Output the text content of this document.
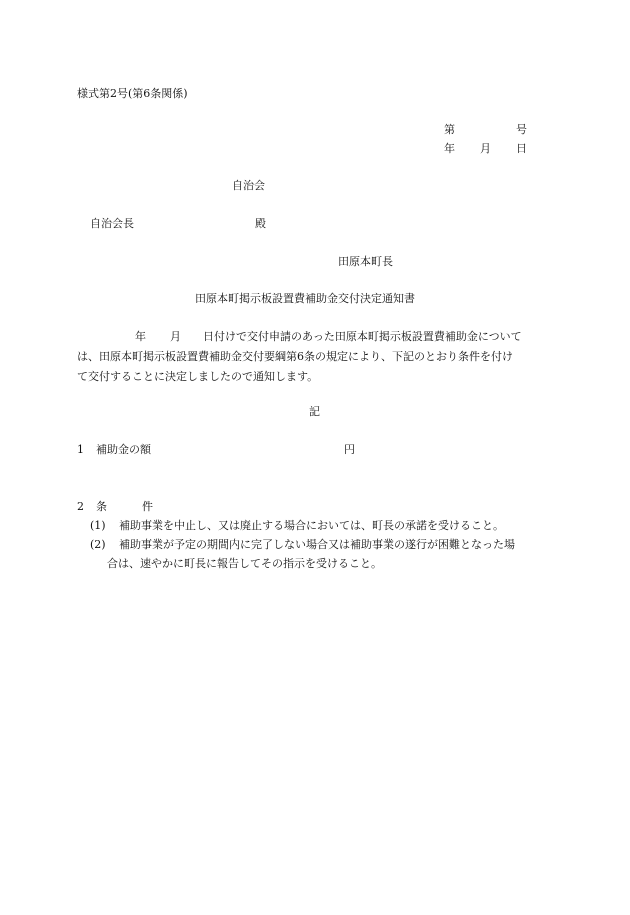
様式第2号(第6条関係)
第	号
年 月 日
自治会
自治会長	殿
田原本町長
田原本町掲示板設置費補助金交付決定通知書
年 月 日付けで交付申請のあった田原本町掲示板設置費補助金について
は、田原本町掲示板設置費補助金交付要綱第6条の規定により、下記のとおり条件を付け
て交付することに決定しましたので通知します。
記
1 補助金の額	円
2 条	件
(1) 補助事業を中止し、又は廃止する場合においては、町長の承諾を受けること。
(2) 補助事業が予定の期間内に完了しない場合又は補助事業の遂行が困難となった場
合は、速やかに町長に報告してその指示を受けること。
